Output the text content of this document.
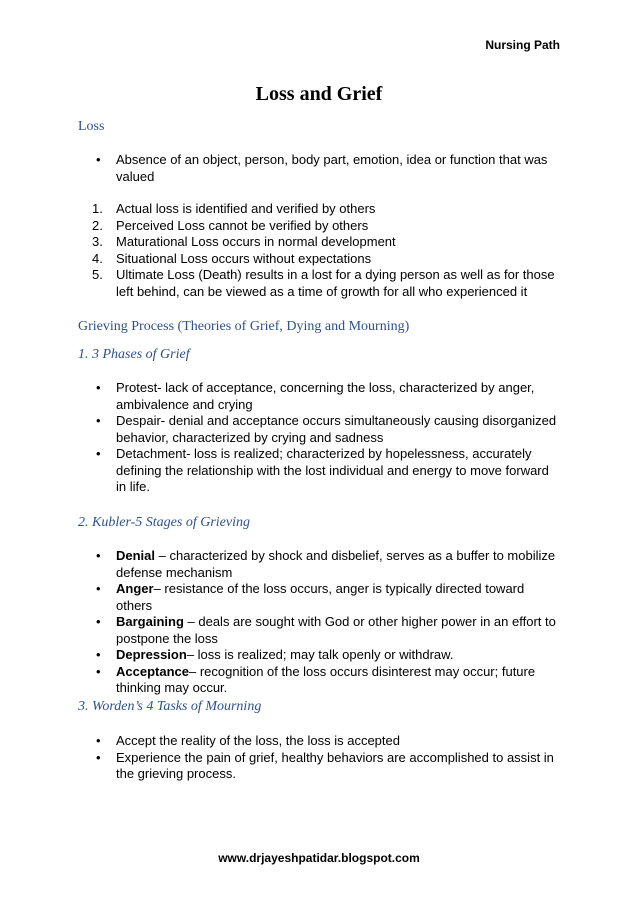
Nursing Path
Loss and Grief
Loss
•	Absence of an object, person, body part, emotion, idea or function that was valued
1. Actual loss is identified and verified by others
2. Perceived Loss cannot be verified by others
3. Maturational Loss occurs in normal development
4. Situational Loss occurs without expectations
5. Ultimate Loss (Death) results in a lost for a dying person as well as for those left behind, can be viewed as a time of growth for all who experienced it
Grieving Process (Theories of Grief, Dying and Mourning)
1. 3 Phases of Grief
•	Protest- lack of acceptance, concerning the loss, characterized by anger, ambivalence and crying
•	Despair- denial and acceptance occurs simultaneously causing disorganized behavior, characterized by crying and sadness
•	Detachment- loss is realized; characterized by hopelessness, accurately defining the relationship with the lost individual and energy to move forward in life.
2. Kubler-5 Stages of Grieving
•	Denial – characterized by shock and disbelief, serves as a buffer to mobilize defense mechanism
•	Anger– resistance of the loss occurs, anger is typically directed toward others
•	Bargaining – deals are sought with God or other higher power in an effort to postpone the loss
•	Depression– loss is realized; may talk openly or withdraw.
•	Acceptance– recognition of the loss occurs disinterest may occur; future thinking may occur.
3. Worden’s 4 Tasks of Mourning
•	Accept the reality of the loss, the loss is accepted
•	Experience the pain of grief, healthy behaviors are accomplished to assist in the grieving process.
www.drjayeshpatidar.blogspot.com
